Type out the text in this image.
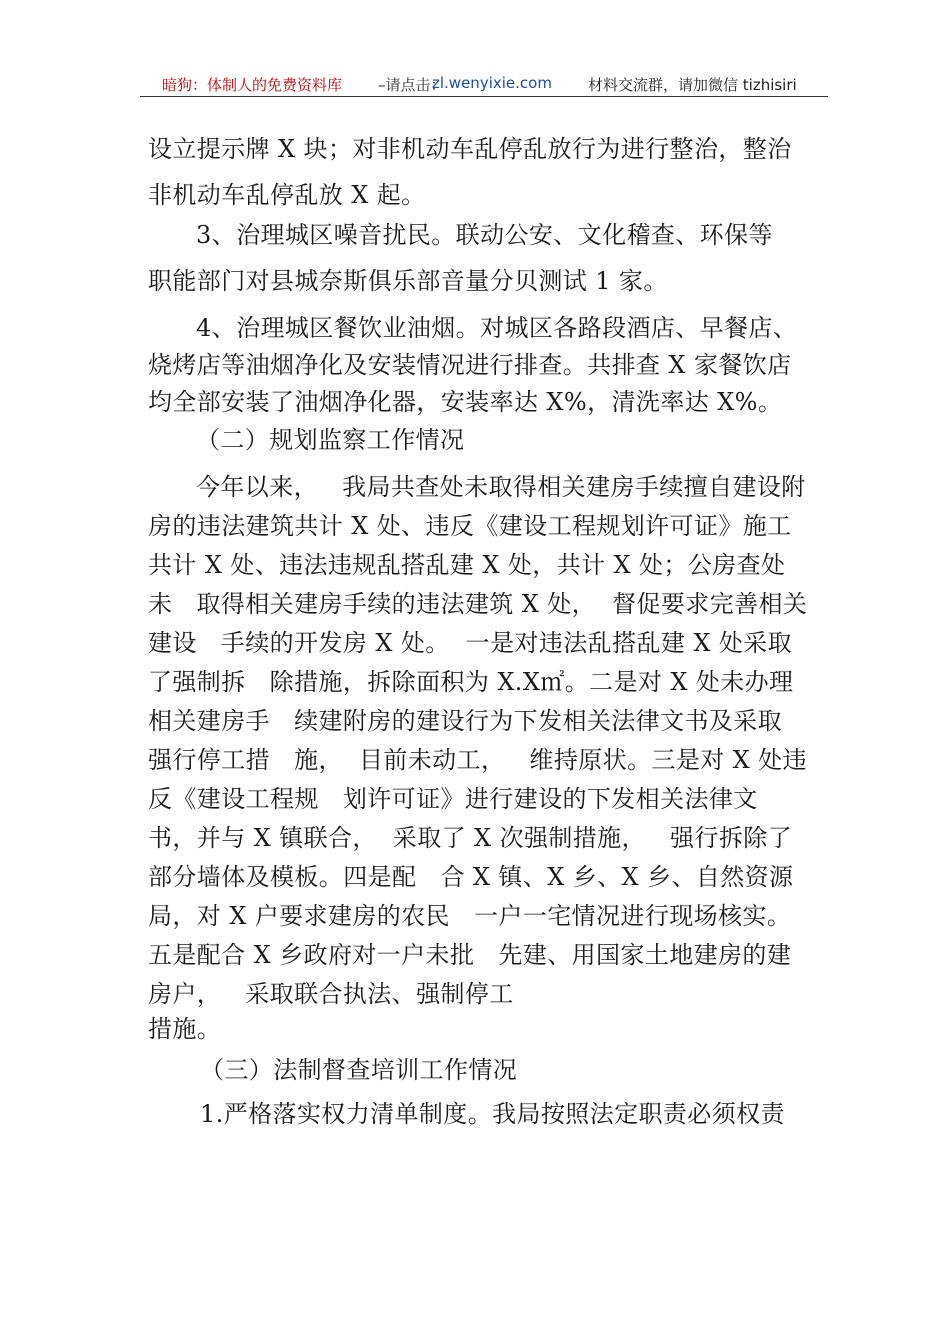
暗狗：体制人的免费资料库 –请点击：
zl.wenyixie.com 材料交流群，请加微信 tizhisiri
设立提示牌 X 块；对非机动车乱停乱放行为进行整治，整治
非机动车乱停乱放 X 起。
3、治理城区噪音扰民。联动公安、文化稽查、环保等
职能部门对县城奈斯俱乐部音量分贝测试 1 家。
4、治理城区餐饮业油烟。对城区各路段酒店、早餐店、
烧烤店等油烟净化及安装情况进行排查。共排查 X 家餐饮店
均全部安装了油烟净化器，安装率达 X%，清洗率达 X%。
（二）规划监察工作情况
今年以来，   我局共查处未取得相关建房手续擅自建设附
房的违法建筑共计 X 处、违反《建设工程规划许可证》施工
共计 X 处、违法违规乱搭乱建 X 处，共计 X 处；公房查处
未   取得相关建房手续的违法建筑 X 处，  督促要求完善相关
建设   手续的开发房 X 处。  一是对违法乱搭乱建 X 处采取
了强制拆   除措施，拆除面积为 X.X㎡。二是对 X 处未办理
相关建房手   续建附房的建设行为下发相关法律文书及采取
强行停工措   施，  目前未动工，   维持原状。三是对 X 处违
反《建设工程规   划许可证》进行建设的下发相关法律文
书，并与 X 镇联合，  采取了 X 次强制措施，   强行拆除了
部分墙体及模板。四是配   合 X 镇、X 乡、X 乡、自然资源
局，对 X 户要求建房的农民   一户一宅情况进行现场核实。
五是配合 X 乡政府对一户未批   先建、用国家土地建房的建
房户，   采取联合执法、强制停工
措施。
（三）法制督查培训工作情况
1.严格落实权力清单制度。我局按照法定职责必须权责
